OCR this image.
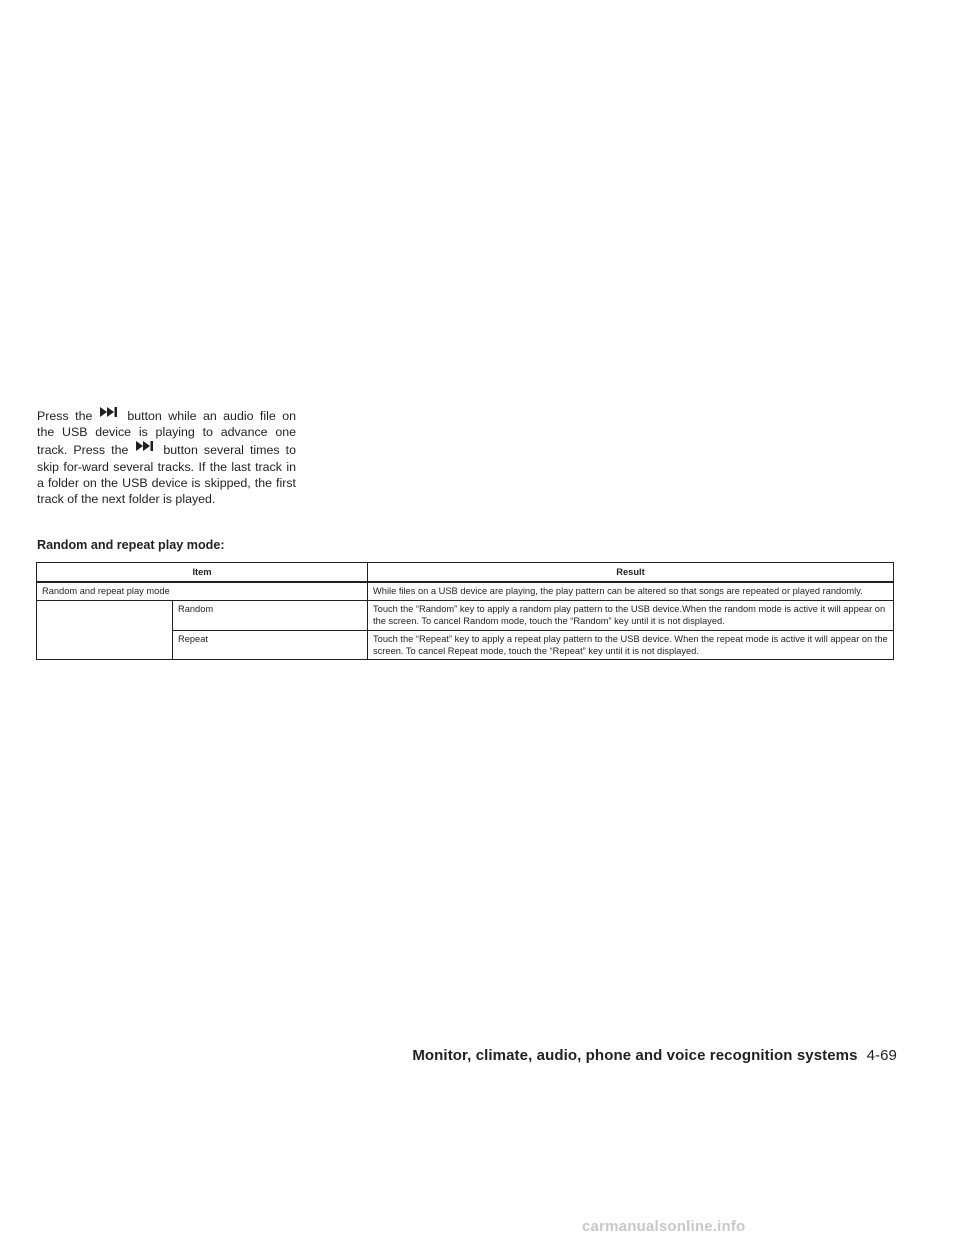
Press the	button while an audio file on the USB device is playing to advance one track. Press the	button several times to skip for-ward several tracks. If the last track in a folder on the USB device is skipped, the first track of the next folder is played.

Random and repeat play mode:
Item		Result
Random and repeat play mode		While files on a USB device are playing, the play pattern can be altered so that songs are repeated or played randomly.
	Random	Touch the “Random” key to apply a random play pattern to the USB device.When the random mode is active it will appear on the screen. To cancel Random mode, touch the “Random” key until it is not displayed.
	Repeat	Touch the “Repeat” key to apply a repeat play pattern to the USB device. When the repeat mode is active it will appear on the screen. To cancel Repeat mode, touch the “Repeat” key until it is not displayed.
Monitor, climate, audio, phone and voice recognition systems 4-69
carmanualsonline.info
